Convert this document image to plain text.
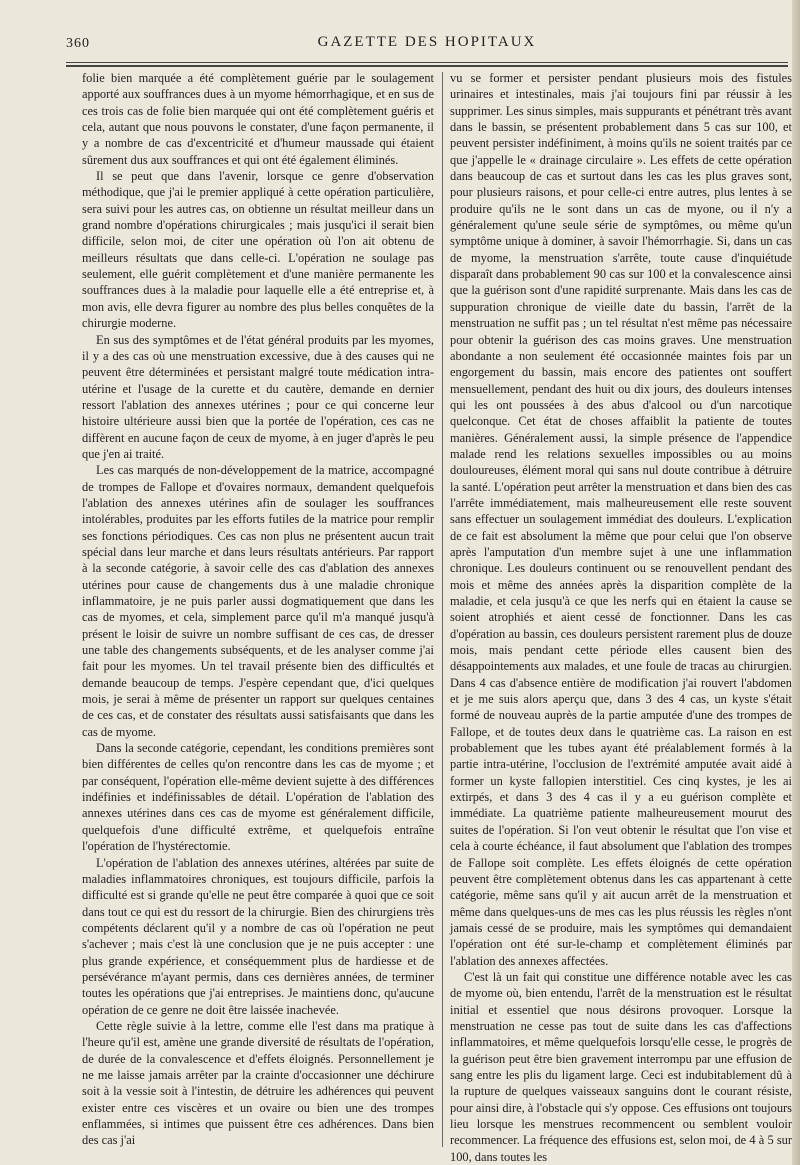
360	GAZETTE DES HOPITAUX

folie bien marquée a été complètement guérie par le soulagement apporté aux souffrances dues à un myome hémorrhagique, et en sus de ces trois cas de folie bien marquée qui ont été complètement guéris et cela, autant que nous pouvons le constater, d'une façon permanente, il y a nombre de cas d'excentricité et d'humeur maussade qui étaient sûrement dus aux souffrances et qui ont été également éliminés.

Il se peut que dans l'avenir, lorsque ce genre d'observation méthodique, que j'ai le premier appliqué à cette opération particulière, sera suivi pour les autres cas, on obtienne un résultat meilleur dans un grand nombre d'opérations chirurgicales ; mais jusqu'ici il serait bien difficile, selon moi, de citer une opération où l'on ait obtenu de meilleurs résultats que dans celle-ci. L'opération ne soulage pas seulement, elle guérit complètement et d'une manière permanente les souffrances dues à la maladie pour laquelle elle a été entreprise et, à mon avis, elle devra figurer au nombre des plus belles conquêtes de la chirurgie moderne.

En sus des symptômes et de l'état général produits par les myomes, il y a des cas où une menstruation excessive, due à des causes qui ne peuvent être déterminées et persistant malgré toute médication intra-utérine et l'usage de la curette et du cautère, demande en dernier ressort l'ablation des annexes utérines ; pour ce qui concerne leur histoire ultérieure aussi bien que la portée de l'opération, ces cas ne diffèrent en aucune façon de ceux de myome, à en juger d'après le peu que j'en ai traité.

Les cas marqués de non-développement de la matrice, accompagné de trompes de Fallope et d'ovaires normaux, demandent quelquefois l'ablation des annexes utérines afin de soulager les souffrances intolérables, produites par les efforts futiles de la matrice pour remplir ses fonctions périodiques. Ces cas non plus ne présentent aucun trait spécial dans leur marche et dans leurs résultats antérieurs. Par rapport à la seconde catégorie, à savoir celle des cas d'ablation des annexes utérines pour cause de changements dus à une maladie chronique inflammatoire, je ne puis parler aussi dogmatiquement que dans les cas de myomes, et cela, simplement parce qu'il m'a manqué jusqu'à présent le loisir de suivre un nombre suffisant de ces cas, de dresser une table des changements subséquents, et de les analyser comme j'ai fait pour les myomes. Un tel travail présente bien des difficultés et demande beaucoup de temps. J'espère cependant que, d'ici quelques mois, je serai à même de présenter un rapport sur quelques centaines de ces cas, et de constater des résultats aussi satisfaisants que dans les cas de myome.

Dans la seconde catégorie, cependant, les conditions premières sont bien différentes de celles qu'on rencontre dans les cas de myome ; et par conséquent, l'opération elle-même devient sujette à des différences indéfinies et indéfinissables de détail. L'opération de l'ablation des annexes utérines dans ces cas de myome est généralement difficile, quelquefois d'une difficulté extrême, et quelquefois entraîne l'opération de l'hystérectomie.

L'opération de l'ablation des annexes utérines, altérées par suite de maladies inflammatoires chroniques, est toujours difficile, parfois la difficulté est si grande qu'elle ne peut être comparée à quoi que ce soit dans tout ce qui est du ressort de la chirurgie. Bien des chirurgiens très compétents déclarent qu'il y a nombre de cas où l'opération ne peut s'achever ; mais c'est là une conclusion que je ne puis accepter : une plus grande expérience, et conséquemment plus de hardiesse et de persévérance m'ayant permis, dans ces dernières années, de terminer toutes les opérations que j'ai entreprises. Je maintiens donc, qu'aucune opération de ce genre ne doit être laissée inachevée.

Cette règle suivie à la lettre, comme elle l'est dans ma pratique à l'heure qu'il est, amène une grande diversité de résultats de l'opération, de durée de la convalescence et d'effets éloignés. Personnellement je ne me laisse jamais arrêter par la crainte d'occasionner une déchirure soit à la vessie soit à l'intestin, de détruire les adhérences qui peuvent exister entre ces viscères et un ovaire ou bien une des trompes enflammées, si intimes que puissent être ces adhérences. Dans bien des cas j'ai

vu se former et persister pendant plusieurs mois des fistules urinaires et intestinales, mais j'ai toujours fini par réussir à les supprimer. Les sinus simples, mais suppurants et pénétrant très avant dans le bassin, se présentent probablement dans 5 cas sur 100, et peuvent persister indéfiniment, à moins qu'ils ne soient traités par ce que j'appelle le « drainage circulaire ». Les effets de cette opération dans beaucoup de cas et surtout dans les cas les plus graves sont, pour plusieurs raisons, et pour celle-ci entre autres, plus lentes à se produire qu'ils ne le sont dans un cas de myone, ou il n'y a généralement qu'une seule série de symptômes, ou même qu'un symptôme unique à dominer, à savoir l'hémorrhagie. Si, dans un cas de myome, la menstruation s'arrête, toute cause d'inquiétude disparaît dans probablement 90 cas sur 100 et la convalescence ainsi que la guérison sont d'une rapidité surprenante. Mais dans les cas de suppuration chronique de vieille date du bassin, l'arrêt de la menstruation ne suffit pas ; un tel résultat n'est même pas nécessaire pour obtenir la guérison des cas moins graves. Une menstruation abondante a non seulement été occasionnée maintes fois par un engorgement du bassin, mais encore des patientes ont souffert mensuellement, pendant des huit ou dix jours, des douleurs intenses qui les ont poussées à des abus d'alcool ou d'un narcotique quelconque. Cet état de choses affaiblit la patiente de toutes manières. Généralement aussi, la simple présence de l'appendice malade rend les relations sexuelles impossibles ou au moins douloureuses, élément moral qui sans nul doute contribue à détruire la santé. L'opération peut arrêter la menstruation et dans bien des cas l'arrête immédiatement, mais malheureusement elle reste souvent sans effectuer un soulagement immédiat des douleurs. L'explication de ce fait est absolument la même que pour celui que l'on observe après l'amputation d'un membre sujet à une une inflammation chronique. Les douleurs continuent ou se renouvellent pendant des mois et même des années après la disparition complète de la maladie, et cela jusqu'à ce que les nerfs qui en étaient la cause se soient atrophiés et aient cessé de fonctionner. Dans les cas d'opération au bassin, ces douleurs persistent rarement plus de douze mois, mais pendant cette période elles causent bien des désappointements aux malades, et une foule de tracas au chirurgien. Dans 4 cas d'absence entière de modification j'ai rouvert l'abdomen et je me suis alors aperçu que, dans 3 des 4 cas, un kyste s'était formé de nouveau auprès de la partie amputée d'une des trompes de Fallope, et de toutes deux dans le quatrième cas. La raison en est probablement que les tubes ayant été préalablement formés à la partie intra-utérine, l'occlusion de l'extrémité amputée avait aidé à former un kyste fallopien interstitiel. Ces cinq kystes, je les ai extirpés, et dans 3 des 4 cas il y a eu guérison complète et immédiate. La quatrième patiente malheureusement mourut des suites de l'opération. Si l'on veut obtenir le résultat que l'on vise et cela à courte échéance, il faut absolument que l'ablation des trompes de Fallope soit complète. Les effets éloignés de cette opération peuvent être complètement obtenus dans les cas appartenant à cette catégorie, même sans qu'il y ait aucun arrêt de la menstruation et même dans quelques-uns de mes cas les plus réussis les règles n'ont jamais cessé de se produire, mais les symptômes qui demandaient l'opération ont été sur-le-champ et complètement éliminés par l'ablation des annexes affectées.

C'est là un fait qui constitue une différence notable avec les cas de myome où, bien entendu, l'arrêt de la menstruation est le résultat initial et essentiel que nous désirons provoquer. Lorsque la menstruation ne cesse pas tout de suite dans les cas d'affections inflammatoires, et même quelquefois lorsqu'elle cesse, le progrès de la guérison peut être bien gravement interrompu par une effusion de sang entre les plis du ligament large. Ceci est indubitablement dû à la rupture de quelques vaisseaux sanguins dont le courant résiste, pour ainsi dire, à l'obstacle qui s'y oppose. Ces effusions ont toujours lieu lorsque les menstrues recommencent ou semblent vouloir recommencer. La fréquence des effusions est, selon moi, de 4 à 5 sur 100, dans toutes les
